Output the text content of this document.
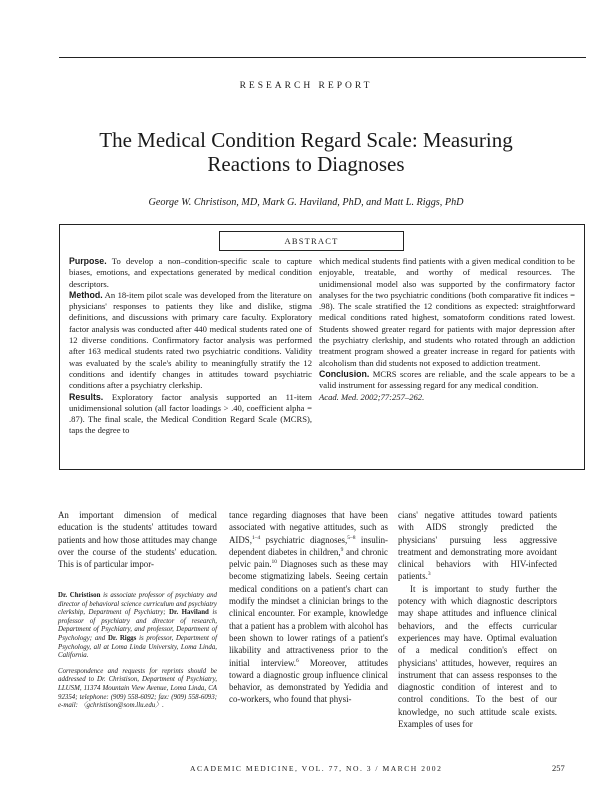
RESEARCH REPORT
The Medical Condition Regard Scale: Measuring
Reactions to Diagnoses
George W. Christison, MD, Mark G. Haviland, PhD, and Matt L. Riggs, PhD
ABSTRACT

Purpose. To develop a non–condition-specific scale to capture biases, emotions, and expectations generated by medical condition descriptors.

Method. An 18-item pilot scale was developed from the literature on physicians' responses to patients they like and dislike, stigma definitions, and discussions with primary care faculty. Exploratory factor analysis was conducted after 440 medical students rated one of 12 diverse conditions. Confirmatory factor analysis was performed after 163 medical students rated two psychiatric conditions. Validity was evaluated by the scale's ability to meaningfully stratify the 12 conditions and identify changes in attitudes toward psychiatric conditions after a psychiatry clerkship.

Results. Exploratory factor analysis supported an 11-item unidimensional solution (all factor loadings > .40, coefficient alpha = .87). The final scale, the Medical Condition Regard Scale (MCRS), taps the degree to

which medical students find patients with a given medical condition to be enjoyable, treatable, and worthy of medical resources. The unidimensional model also was supported by the confirmatory factor analyses for the two psychiatric conditions (both comparative fit indices = .98). The scale stratified the 12 conditions as expected: straightforward medical conditions rated highest, somatoform conditions rated lowest. Students showed greater regard for patients with major depression after the psychiatry clerkship, and students who rotated through an addiction treatment program showed a greater increase in regard for patients with alcoholism than did students not exposed to addiction treatment.

Conclusion. MCRS scores are reliable, and the scale appears to be a valid instrument for assessing regard for any medical condition.

Acad. Med. 2002;77:257–262.

An important dimension of medical education is the students' attitudes toward patients and how those attitudes may change over the course of the students' education. This is of particular impor-

Dr. Christison is associate professor of psychiatry and director of behavioral science curriculum and psychiatry clerkship, Department of Psychiatry; Dr. Haviland is professor of psychiatry and director of research, Department of Psychiatry, and professor, Department of Psychology; and Dr. Riggs is professor, Department of Psychology, all at Loma Linda University, Loma Linda, California.

Correspondence and requests for reprints should be addressed to Dr. Christison, Department of Psychiatry, LLUSM, 11374 Mountain View Avenue, Loma Linda, CA 92354; telephone: (909) 558-6092; fax: (909) 558-6093; e-mail: 〈gchristison@som.llu.edu〉.

tance regarding diagnoses that have been associated with negative attitudes, such as AIDS,$^{1-4}$ psychiatric diagnoses,$^{5-8}$ insulin-dependent diabetes in children,$^9$ and chronic pelvic pain.$^{10}$ Diagnoses such as these may become stigmatizing labels. Seeing certain medical conditions on a patient's chart can modify the mindset a clinician brings to the clinical encounter. For example, knowledge that a patient has a problem with alcohol has been shown to lower ratings of a patient's likability and attractiveness prior to the initial interview.$^6$ Moreover, attitudes toward a diagnostic group influence clinical behavior, as demonstrated by Yedidia and co-workers, who found that physi-

cians' negative attitudes toward patients with AIDS strongly predicted the physicians' pursuing less aggressive treatment and demonstrating more avoidant clinical behaviors with HIV-infected patients.$^3$

It is important to study further the potency with which diagnostic descriptors may shape attitudes and influence clinical behaviors, and the effects curricular experiences may have. Optimal evaluation of a medical condition's effect on physicians' attitudes, however, requires an instrument that can assess responses to the diagnostic condition of interest and to control conditions. To the best of our knowledge, no such attitude scale exists. Examples of uses for

ACADEMIC MEDICINE, VOL. 77, NO. 3 / MARCH 2002	257
